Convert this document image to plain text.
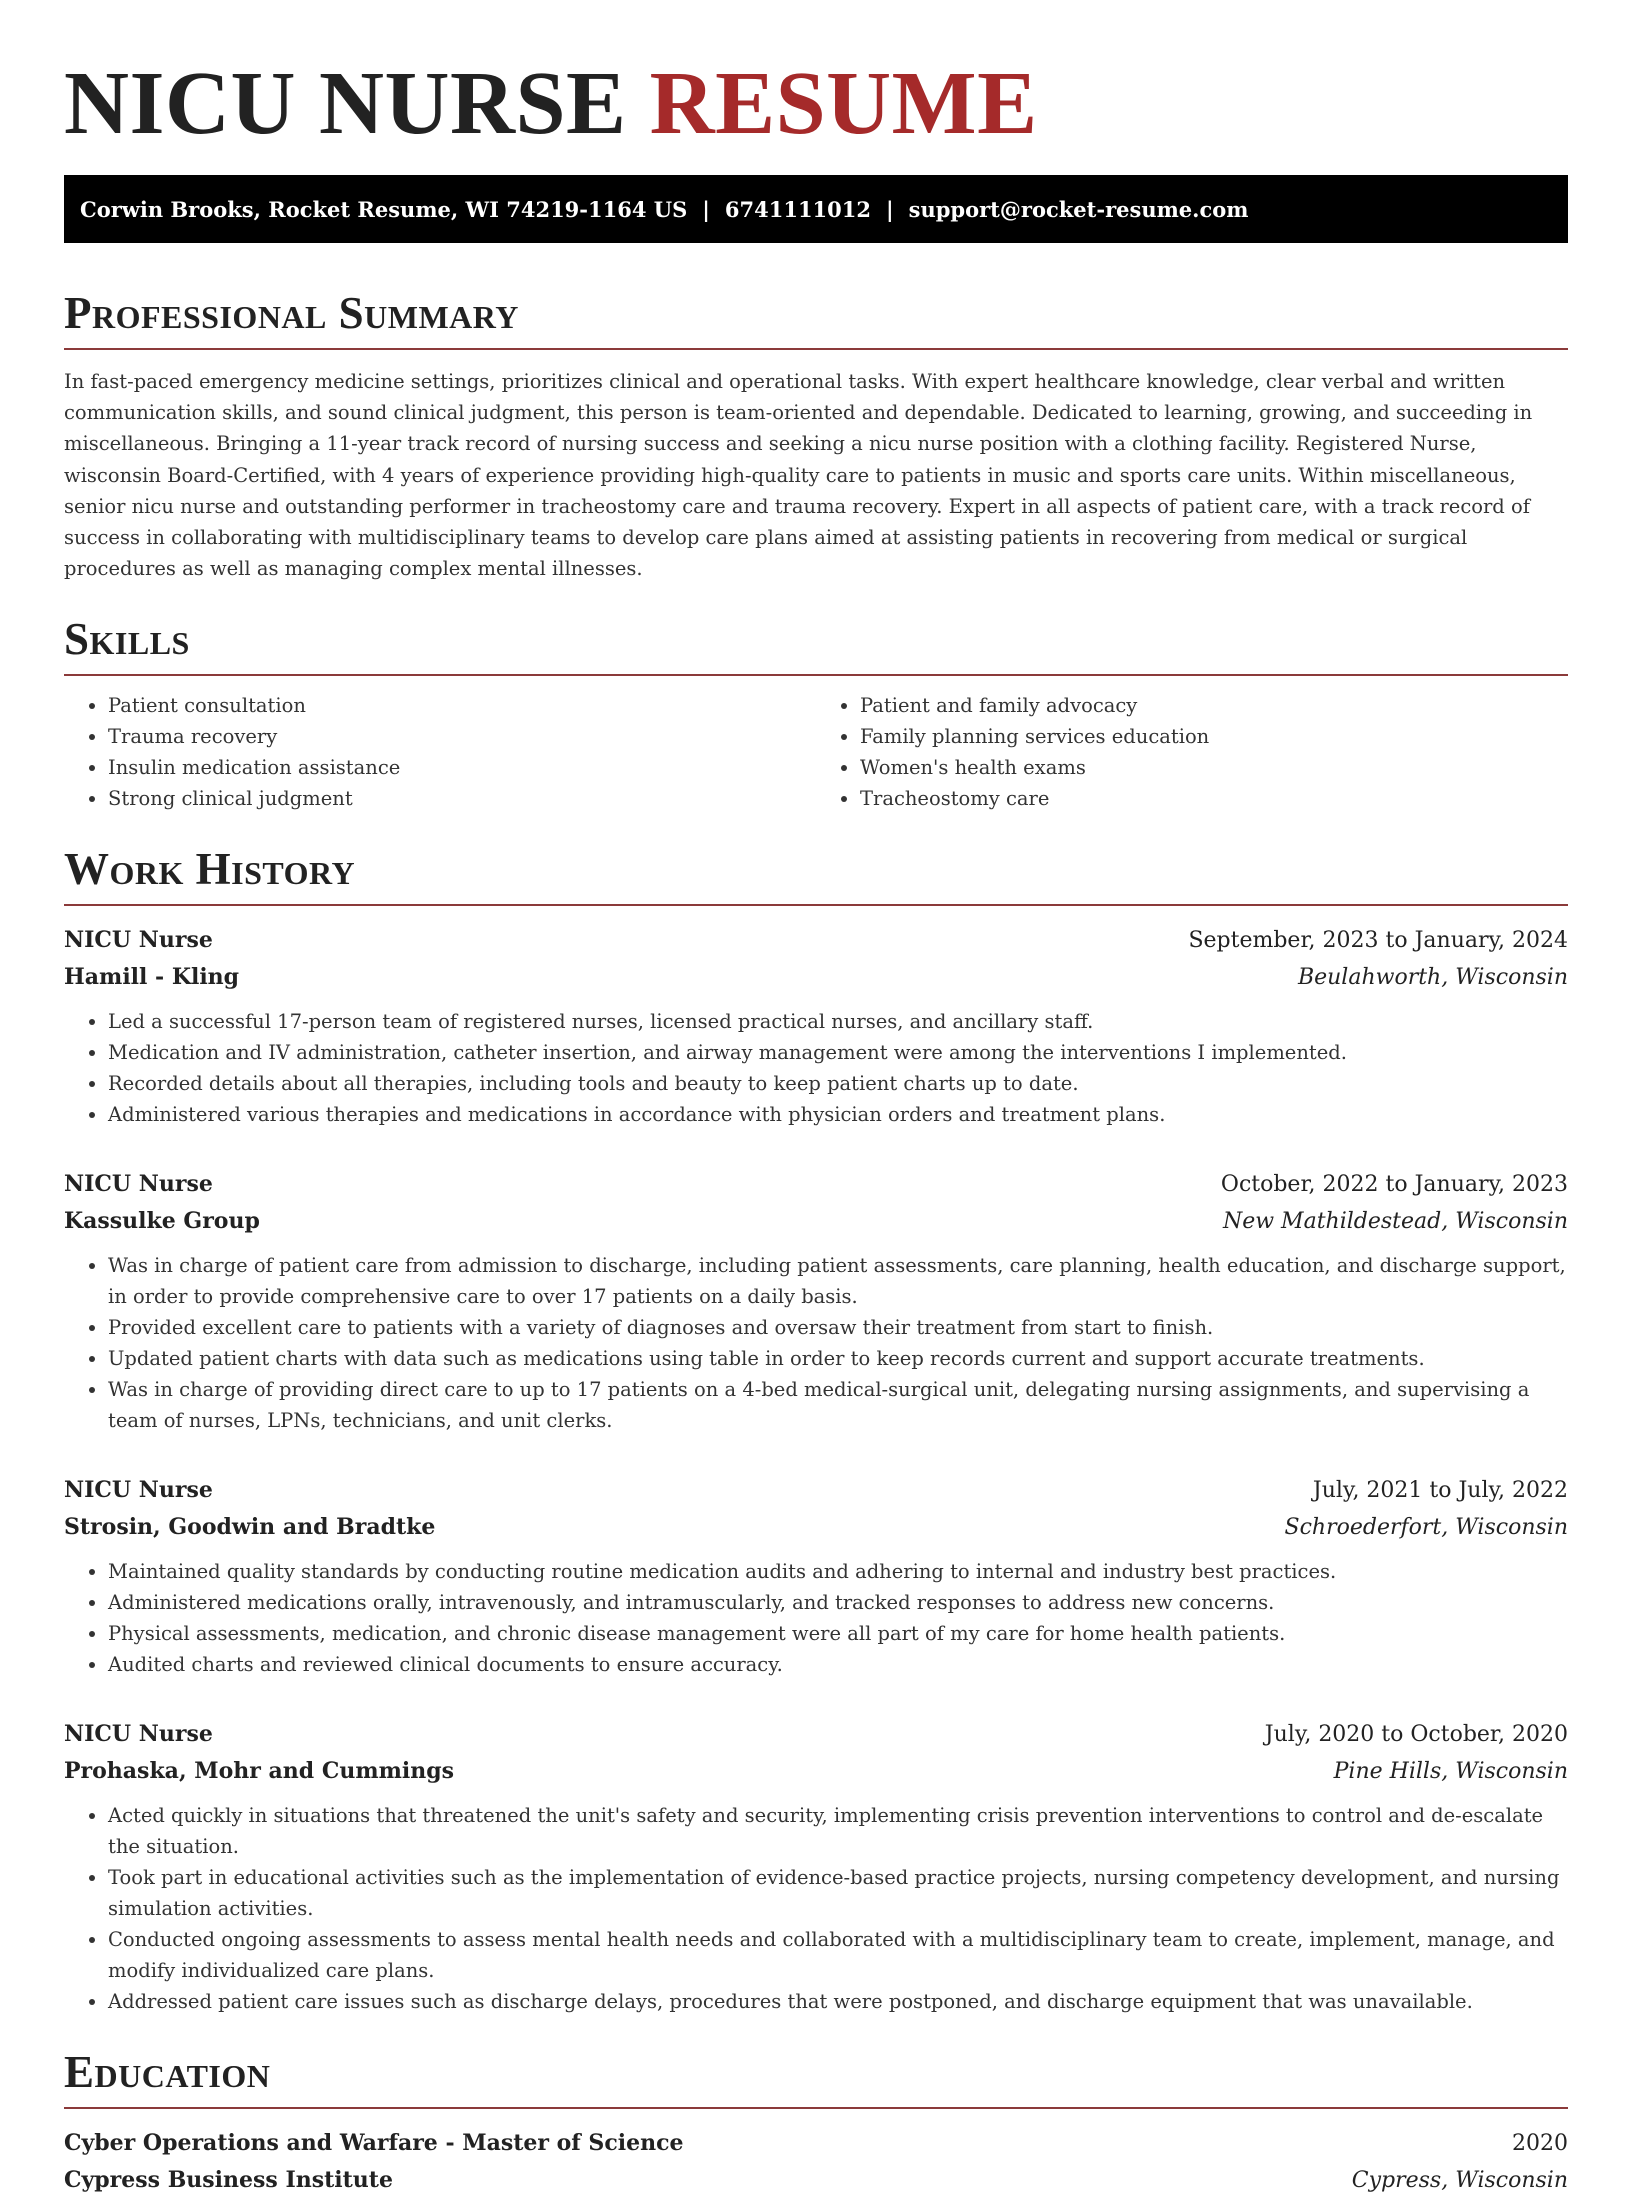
NICU NURSE RESUME
Corwin Brooks, Rocket Resume, WI 74219-1164 US | 6741111012 | support@rocket-resume.com
Professional Summary

In fast-paced emergency medicine settings, prioritizes clinical and operational tasks. With expert healthcare knowledge, clear verbal and written communication skills, and sound clinical judgment, this person is team-oriented and dependable. Dedicated to learning, growing, and succeeding in miscellaneous. Bringing a 11-year track record of nursing success and seeking a nicu nurse position with a clothing facility. Registered Nurse, wisconsin Board-Certified, with 4 years of experience providing high-quality care to patients in music and sports care units. Within miscellaneous, senior nicu nurse and outstanding performer in tracheostomy care and trauma recovery. Expert in all aspects of patient care, with a track record of success in collaborating with multidisciplinary teams to develop care plans aimed at assisting patients in recovering from medical or surgical procedures as well as managing complex mental illnesses.

Skills
• Patient consultation
• Trauma recovery
• Insulin medication assistance
• Strong clinical judgment
• Patient and family advocacy
• Family planning services education
• Women's health exams
• Tracheostomy care
Work History
NICU Nurse	September, 2023 to January, 2024
Hamill - Kling	Beulahworth, Wisconsin
• Led a successful 17-person team of registered nurses, licensed practical nurses, and ancillary staff.
• Medication and IV administration, catheter insertion, and airway management were among the interventions I implemented.
• Recorded details about all therapies, including tools and beauty to keep patient charts up to date.
• Administered various therapies and medications in accordance with physician orders and treatment plans.
NICU Nurse	October, 2022 to January, 2023
Kassulke Group	New Mathildestead, Wisconsin
• Was in charge of patient care from admission to discharge, including patient assessments, care planning, health education, and discharge support, in order to provide comprehensive care to over 17 patients on a daily basis.
• Provided excellent care to patients with a variety of diagnoses and oversaw their treatment from start to finish.
• Updated patient charts with data such as medications using table in order to keep records current and support accurate treatments.
• Was in charge of providing direct care to up to 17 patients on a 4-bed medical-surgical unit, delegating nursing assignments, and supervising a team of nurses, LPNs, technicians, and unit clerks.
NICU Nurse	July, 2021 to July, 2022
Strosin, Goodwin and Bradtke	Schroederfort, Wisconsin
• Maintained quality standards by conducting routine medication audits and adhering to internal and industry best practices.
• Administered medications orally, intravenously, and intramuscularly, and tracked responses to address new concerns.
• Physical assessments, medication, and chronic disease management were all part of my care for home health patients.
• Audited charts and reviewed clinical documents to ensure accuracy.
NICU Nurse	July, 2020 to October, 2020
Prohaska, Mohr and Cummings	Pine Hills, Wisconsin
• Acted quickly in situations that threatened the unit's safety and security, implementing crisis prevention interventions to control and de-escalate the situation.
• Took part in educational activities such as the implementation of evidence-based practice projects, nursing competency development, and nursing simulation activities.
• Conducted ongoing assessments to assess mental health needs and collaborated with a multidisciplinary team to create, implement, manage, and modify individualized care plans.
• Addressed patient care issues such as discharge delays, procedures that were postponed, and discharge equipment that was unavailable.
Education
Cyber Operations and Warfare - Master of Science	2020
Cypress Business Institute	Cypress, Wisconsin
